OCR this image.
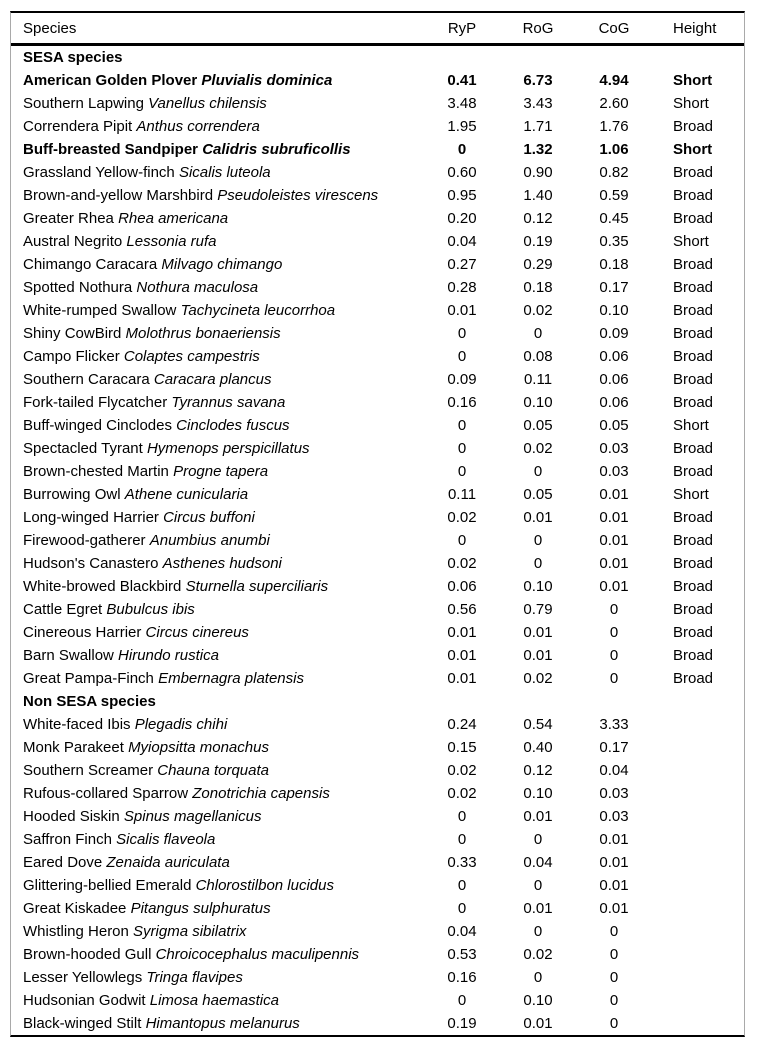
Species	RyP	RoG	CoG	Height
SESA species
American Golden Plover Pluvialis dominica	0.41	6.73	4.94	Short
Southern Lapwing Vanellus chilensis	3.48	3.43	2.60	Short
Correndera Pipit Anthus correndera	1.95	1.71	1.76	Broad
Buff-breasted Sandpiper Calidris subruficollis	0	1.32	1.06	Short
Grassland Yellow-finch Sicalis luteola	0.60	0.90	0.82	Broad
Brown-and-yellow Marshbird Pseudoleistes virescens	0.95	1.40	0.59	Broad
Greater Rhea Rhea americana	0.20	0.12	0.45	Broad
Austral Negrito Lessonia rufa	0.04	0.19	0.35	Short
Chimango Caracara Milvago chimango	0.27	0.29	0.18	Broad
Spotted Nothura Nothura maculosa	0.28	0.18	0.17	Broad
White-rumped Swallow Tachycineta leucorrhoa	0.01	0.02	0.10	Broad
Shiny CowBird Molothrus bonaeriensis	0	0	0.09	Broad
Campo Flicker Colaptes campestris	0	0.08	0.06	Broad
Southern Caracara Caracara plancus	0.09	0.11	0.06	Broad
Fork-tailed Flycatcher Tyrannus savana	0.16	0.10	0.06	Broad
Buff-winged Cinclodes Cinclodes fuscus	0	0.05	0.05	Short
Spectacled Tyrant Hymenops perspicillatus	0	0.02	0.03	Broad
Brown-chested Martin Progne tapera	0	0	0.03	Broad
Burrowing Owl Athene cunicularia	0.11	0.05	0.01	Short
Long-winged Harrier Circus buffoni	0.02	0.01	0.01	Broad
Firewood-gatherer Anumbius anumbi	0	0	0.01	Broad
Hudson's Canastero Asthenes hudsoni	0.02	0	0.01	Broad
White-browed Blackbird Sturnella superciliaris	0.06	0.10	0.01	Broad
Cattle Egret Bubulcus ibis	0.56	0.79	0	Broad
Cinereous Harrier Circus cinereus	0.01	0.01	0	Broad
Barn Swallow Hirundo rustica	0.01	0.01	0	Broad
Great Pampa-Finch Embernagra platensis	0.01	0.02	0	Broad
Non SESA species
White-faced Ibis Plegadis chihi	0.24	0.54	3.33
Monk Parakeet Myiopsitta monachus	0.15	0.40	0.17
Southern Screamer Chauna torquata	0.02	0.12	0.04
Rufous-collared Sparrow Zonotrichia capensis	0.02	0.10	0.03
Hooded Siskin Spinus magellanicus	0	0.01	0.03
Saffron Finch Sicalis flaveola	0	0	0.01
Eared Dove Zenaida auriculata	0.33	0.04	0.01
Glittering-bellied Emerald Chlorostilbon lucidus	0	0	0.01
Great Kiskadee Pitangus sulphuratus	0	0.01	0.01
Whistling Heron Syrigma sibilatrix	0.04	0	0
Brown-hooded Gull Chroicocephalus maculipennis	0.53	0.02	0
Lesser Yellowlegs Tringa flavipes	0.16	0	0
Hudsonian Godwit Limosa haemastica	0	0.10	0
Black-winged Stilt Himantopus melanurus	0.19	0.01	0
